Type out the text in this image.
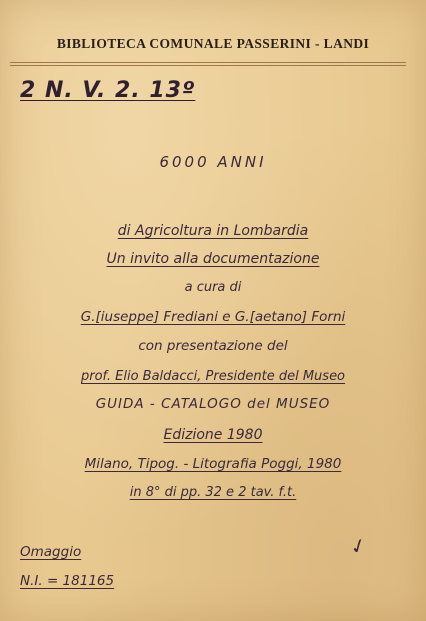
BIBLIOTECA COMUNALE PASSERINI - LANDI
2 N. V. 2. 13º
6000 ANNI
di Agricoltura in Lombardia
Un invito alla documentazione
a cura di
G.[iuseppe] Frediani e G.[aetano] Forni
con presentazione del
prof. Elio Baldacci, Presidente del Museo
GUIDA - CATALOGO del MUSEO
Edizione 1980
Milano, Tipog. - Litografia Poggi, 1980
in 8° di pp. 32 e 2 tav. f.t.
Omaggio
N.I. = 181165
✓
